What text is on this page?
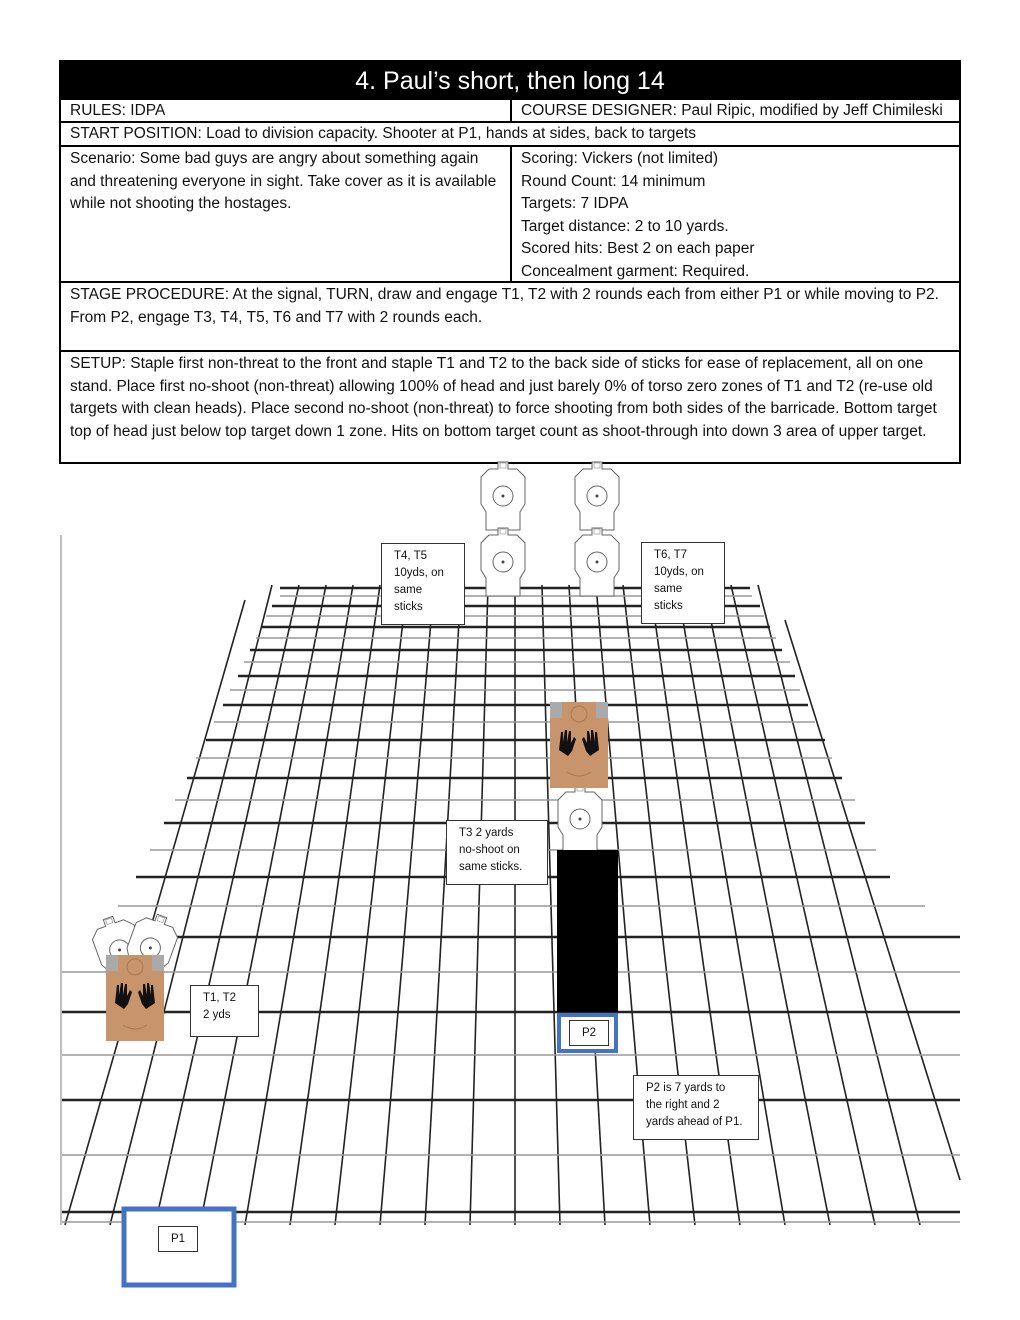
4. Paul’s short, then long 14
RULES: IDPA	COURSE DESIGNER: Paul Ripic, modified by Jeff Chimileski
START POSITION: Load to division capacity. Shooter at P1, hands at sides, back to targets
Scenario: Some bad guys are angry about something again and threatening everyone in sight. Take cover as it is available while not shooting the hostages.
Scoring: Vickers (not limited)
Round Count: 14 minimum
Targets: 7 IDPA
Target distance: 2 to 10 yards.
Scored hits: Best 2 on each paper
Concealment garment: Required.
STAGE PROCEDURE: At the signal, TURN, draw and engage T1, T2 with 2 rounds each from either P1 or while moving to P2. From P2, engage T3, T4, T5, T6 and T7 with 2 rounds each.
SETUP: Staple first non-threat to the front and staple T1 and T2 to the back side of sticks for ease of replacement, all on one stand. Place first no-shoot (non-threat) allowing 100% of head and just barely 0% of torso zero zones of T1 and T2 (re-use old targets with clean heads). Place second no-shoot (non-threat) to force shooting from both sides of the barricade. Bottom target top of head just below top target down 1 zone. Hits on bottom target count as shoot-through into down 3 area of upper target.
T4, T5
10yds, on
same
sticks
T6, T7
10yds, on
same
sticks
T3 2 yards
no-shoot on
same sticks.
T1, T2
2 yds
P2 is 7 yards to
the right and 2
yards ahead of P1.
P2
P1
